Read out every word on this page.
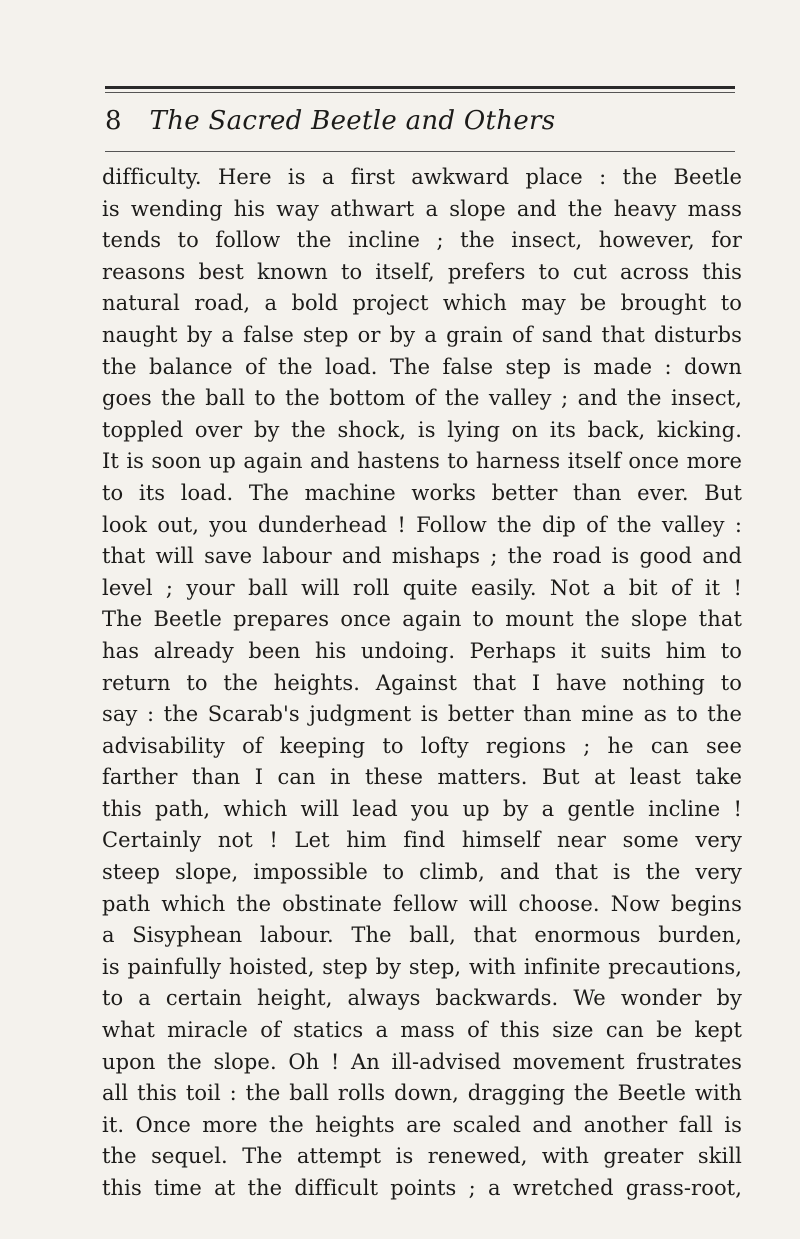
8 The Sacred Beetle and Others
difficulty. Here is a first awkward place : the Beetle
is wending his way athwart a slope and the heavy mass
tends to follow the incline ; the insect, however, for
reasons best known to itself, prefers to cut across this
natural road, a bold project which may be brought to
naught by a false step or by a grain of sand that disturbs
the balance of the load. The false step is made : down
goes the ball to the bottom of the valley ; and the insect,
toppled over by the shock, is lying on its back, kicking.
It is soon up again and hastens to harness itself once more
to its load. The machine works better than ever. But
look out, you dunderhead ! Follow the dip of the valley :
that will save labour and mishaps ; the road is good and
level ; your ball will roll quite easily. Not a bit of it !
The Beetle prepares once again to mount the slope that
has already been his undoing. Perhaps it suits him to
return to the heights. Against that I have nothing to
say : the Scarab's judgment is better than mine as to the
advisability of keeping to lofty regions ; he can see
farther than I can in these matters. But at least take
this path, which will lead you up by a gentle incline !
Certainly not ! Let him find himself near some very
steep slope, impossible to climb, and that is the very
path which the obstinate fellow will choose. Now begins
a Sisyphean labour. The ball, that enormous burden,
is painfully hoisted, step by step, with infinite precautions,
to a certain height, always backwards. We wonder by
what miracle of statics a mass of this size can be kept
upon the slope. Oh ! An ill-advised movement frustrates
all this toil : the ball rolls down, dragging the Beetle with
it. Once more the heights are scaled and another fall is
the sequel. The attempt is renewed, with greater skill
this time at the difficult points ; a wretched grass-root,
